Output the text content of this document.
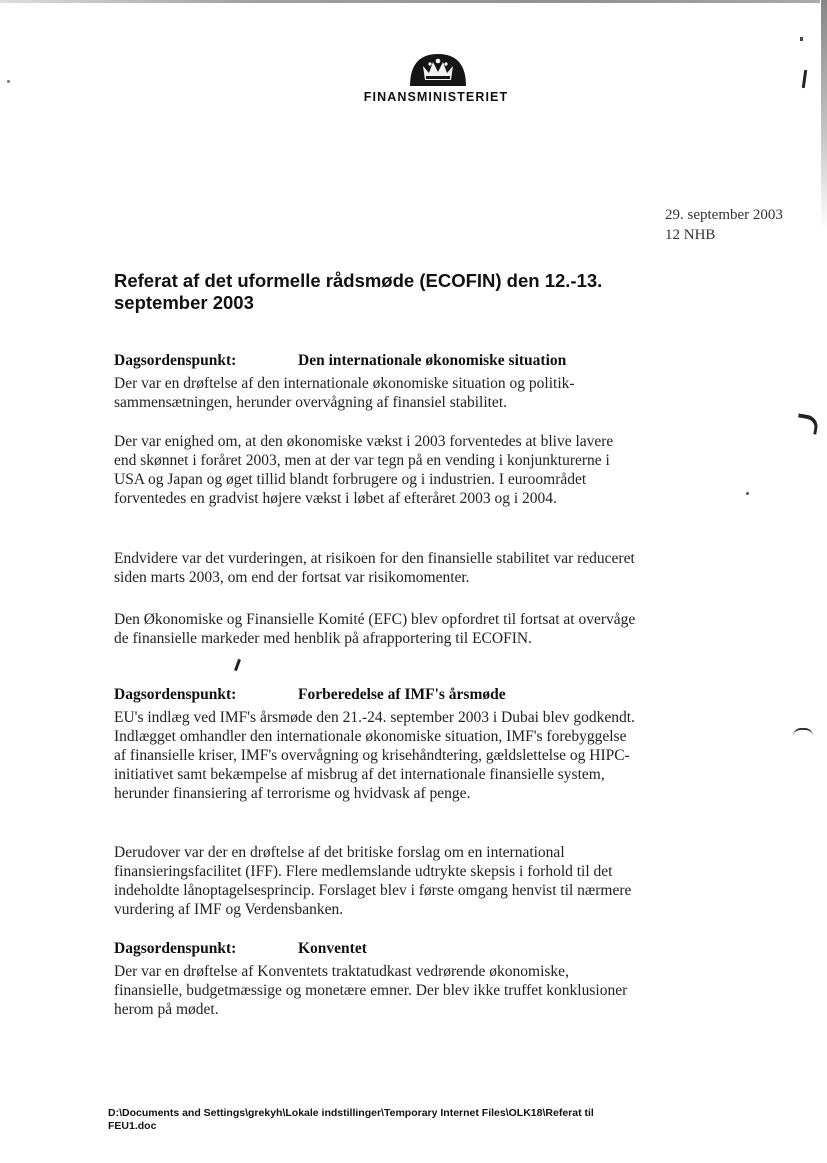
FINANSMINISTERIET
29. september 2003
12 NHB
Referat af det uformelle rådsmøde (ECOFIN) den 12.-13. september 2003
Dagsordenspunkt:	Den internationale økonomiske situation
Der var en drøftelse af den internationale økonomiske situation og politik-sammensætningen, herunder overvågning af finansiel stabilitet.
Der var enighed om, at den økonomiske vækst i 2003 forventedes at blive lavere end skønnet i foråret 2003, men at der var tegn på en vending i konjunkturerne i USA og Japan og øget tillid blandt forbrugere og i industrien. I euroområdet forventedes en gradvist højere vækst i løbet af efteråret 2003 og i 2004.
Endvidere var det vurderingen, at risikoen for den finansielle stabilitet var reduceret siden marts 2003, om end der fortsat var risikomomenter.
Den Økonomiske og Finansielle Komité (EFC) blev opfordret til fortsat at overvåge de finansielle markeder med henblik på afrapportering til ECOFIN.
Dagsordenspunkt:	Forberedelse af IMF's årsmøde
EU's indlæg ved IMF's årsmøde den 21.-24. september 2003 i Dubai blev godkendt. Indlægget omhandler den internationale økonomiske situation, IMF's forebyggelse af finansielle kriser, IMF's overvågning og krisehåndtering, gældslettelse og HIPC-initiativet samt bekæmpelse af misbrug af det internationale finansielle system, herunder finansiering af terrorisme og hvidvask af penge.
Derudover var der en drøftelse af det britiske forslag om en international finansieringsfacilitet (IFF). Flere medlemslande udtrykte skepsis i forhold til det indeholdte lånoptagelsesprincip. Forslaget blev i første omgang henvist til nærmere vurdering af IMF og Verdensbanken.
Dagsordenspunkt:	Konventet
Der var en drøftelse af Konventets traktatudkast vedrørende økonomiske, finansielle, budgetmæssige og monetære emner. Der blev ikke truffet konklusioner herom på mødet.
D:\Documents and Settings\grekyh\Lokale indstillinger\Temporary Internet Files\OLK18\Referat til FEU1.doc
